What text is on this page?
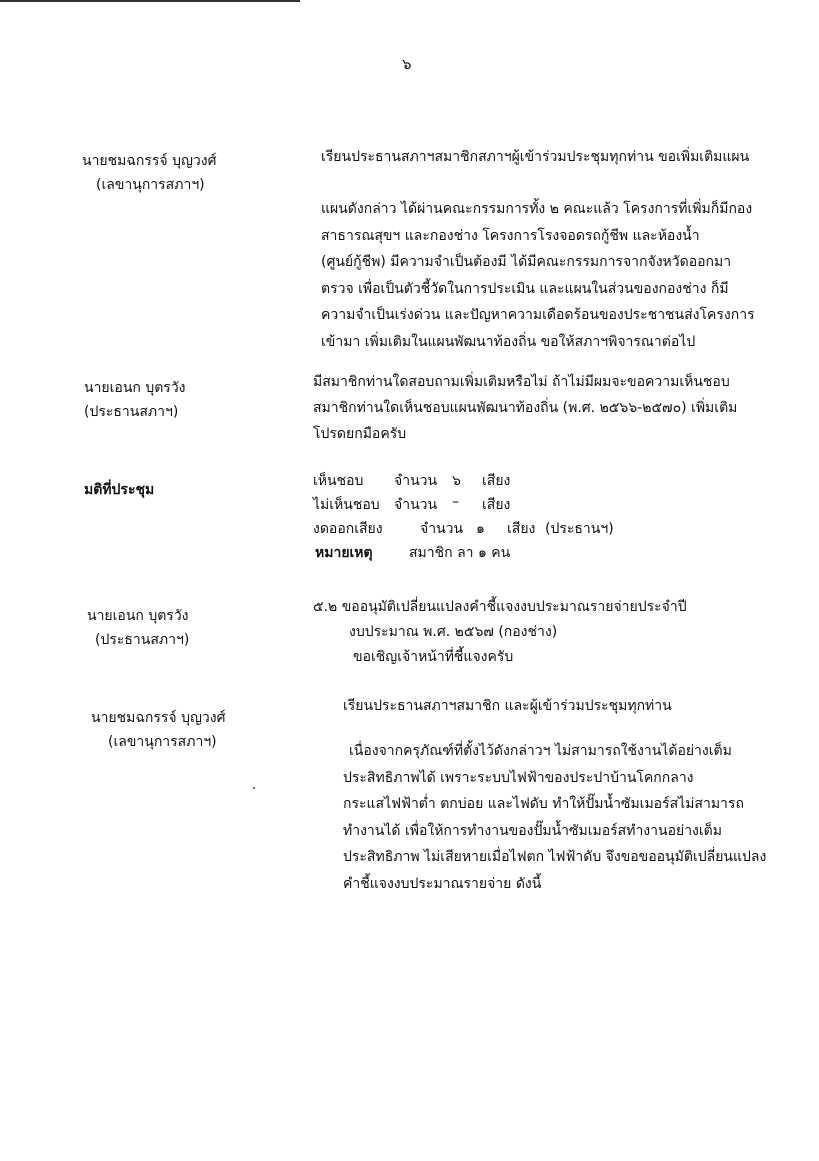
๖
นายชมฉกรรจ์ บุญวงศ์
(เลขานุการสภาฯ)
เรียนประธานสภาฯสมาชิกสภาฯผู้เข้าร่วมประชุมทุกท่าน ขอเพิ่มเติมแผน
แผนดังกล่าว ได้ผ่านคณะกรรมการทั้ง ๒ คณะแล้ว โครงการที่เพิ่มก็มีกอง
สาธารณสุขฯ และกองช่าง โครงการโรงจอดรถกู้ชีพ และห้องน้ำ
(ศูนย์กู้ชีพ) มีความจำเป็นต้องมี ได้มีคณะกรรมการจากจังหวัดออกมา
ตรวจ เพื่อเป็นตัวชี้วัดในการประเมิน และแผนในส่วนของกองช่าง ก็มี
ความจำเป็นเร่งด่วน และปัญหาความเดือดร้อนของประชาชนส่งโครงการ
เข้ามา เพิ่มเติมในแผนพัฒนาท้องถิ่น ขอให้สภาฯพิจารณาต่อไป
นายเอนก บุตรวัง
(ประธานสภาฯ)
มีสมาชิกท่านใดสอบถามเพิ่มเติมหรือไม่ ถ้าไม่มีผมจะขอความเห็นชอบ
สมาชิกท่านใดเห็นชอบแผนพัฒนาท้องถิ่น (พ.ศ. ๒๕๖๖-๒๕๗๐) เพิ่มเติม
โปรดยกมือครับ
มติที่ประชุม
เห็นชอบ จำนวน ๖ เสียง
ไม่เห็นชอบ จำนวน – เสียง
งดออกเสียง	จำนวน ๑ เสียง (ประธานฯ)
หมายเหตุ	สมาชิก ลา ๑ คน
นายเอนก บุตรวัง
(ประธานสภาฯ)
๕.๒ ขออนุมัติเปลี่ยนแปลงคำชี้แจงงบประมาณรายจ่ายประจำปี
งบประมาณ พ.ศ. ๒๕๖๗ (กองช่าง)
ขอเชิญเจ้าหน้าที่ชี้แจงครับ
นายชมฉกรรจ์ บุญวงศ์
(เลขานุการสภาฯ)
เรียนประธานสภาฯสมาชิก และผู้เข้าร่วมประชุมทุกท่าน
เนื่องจากครุภัณฑ์ที่ตั้งไว้ดังกล่าวฯ ไม่สามารถใช้งานได้อย่างเต็ม
ประสิทธิภาพได้ เพราะระบบไฟฟ้าของประปาบ้านโคกกลาง
กระแสไฟฟ้าต่ำ ตกบ่อย และไฟดับ ทำให้ปั๊มน้ำซัมเมอร์สไม่สามารถ
ทำงานได้ เพื่อให้การทำงานของปั๊มน้ำซัมเมอร์สทำงานอย่างเต็ม
ประสิทธิภาพ ไม่เสียหายเมื่อไฟตก ไฟฟ้าดับ จึงขอขออนุมัติเปลี่ยนแปลง
คำชี้แจงงบประมาณรายจ่าย ดังนี้
